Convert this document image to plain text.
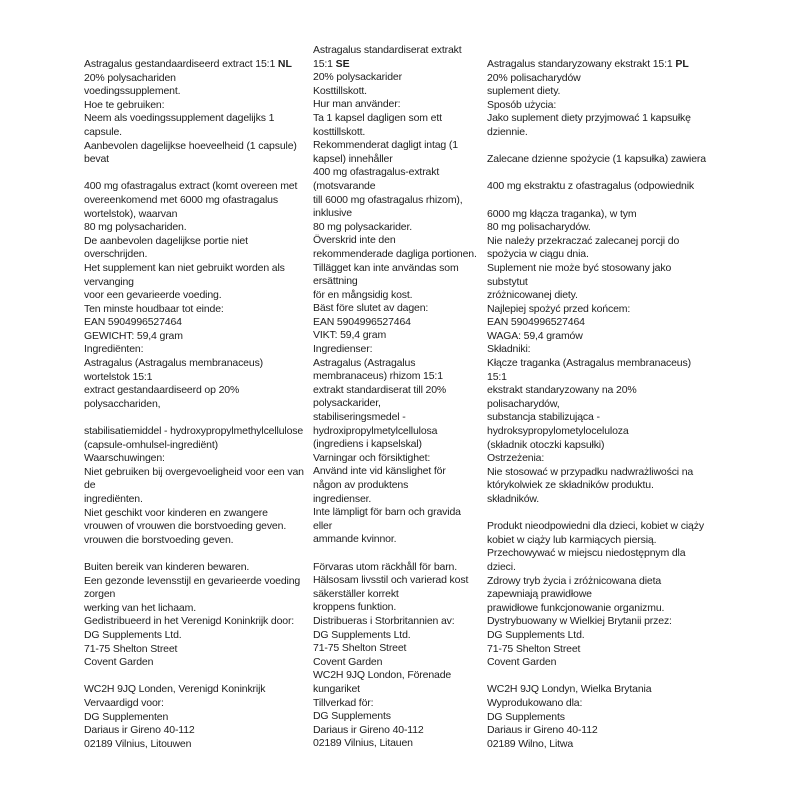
Astragalus gestandaardiseerd extract 15:1 NL
20% polysachariden
voedingssupplement.
Hoe te gebruiken:
Neem als voedingssupplement dagelijks 1
capsule.
Aanbevolen dagelijkse hoeveelheid (1 capsule)
bevat

400 mg ofastragalus extract (komt overeen met
overeenkomend met 6000 mg ofastragalus
wortelstok), waarvan
80 mg polysachariden.
De aanbevolen dagelijkse portie niet
overschrijden.
Het supplement kan niet gebruikt worden als
vervanging
voor een gevarieerde voeding.
Ten minste houdbaar tot einde:
EAN 5904996527464
GEWICHT: 59,4 gram
Ingrediënten:
Astragalus (Astragalus membranaceus)
wortelstok 15:1
extract gestandaardiseerd op 20%
polysacchariden,

stabilisatiemiddel - hydroxypropylmethylcellulose
(capsule-omhulsel-ingrediënt)
Waarschuwingen:
Niet gebruiken bij overgevoeligheid voor een van
de
ingrediënten.
Niet geschikt voor kinderen en zwangere
vrouwen of vrouwen die borstvoeding geven.
vrouwen die borstvoeding geven.

Buiten bereik van kinderen bewaren.
Een gezonde levensstijl en gevarieerde voeding
zorgen
werking van het lichaam.
Gedistribueerd in het Verenigd Koninkrijk door:
DG Supplements Ltd.
71-75 Shelton Street
Covent Garden

WC2H 9JQ Londen, Verenigd Koninkrijk
Vervaardigd voor:
DG Supplementen
Dariaus ir Gireno 40-112
02189 Vilnius, Litouwen
Astragalus standardiserat extrakt
15:1 SE
20% polysackarider
Kosttillskott.
Hur man använder:
Ta 1 kapsel dagligen som ett
kosttillskott.
Rekommenderat dagligt intag (1
kapsel) innehåller
400 mg ofastragalus-extrakt
(motsvarande
till 6000 mg ofastragalus rhizom),
inklusive
80 mg polysackarider.
Överskrid inte den
rekommenderade dagliga portionen.
Tillägget kan inte användas som
ersättning
för en mångsidig kost.
Bäst före slutet av dagen:
EAN 5904996527464
VIKT: 59,4 gram
Ingredienser:
Astragalus (Astragalus
membranaceus) rhizom 15:1
extrakt standardiserat till 20%
polysackarider,
stabiliseringsmedel -
hydroxipropylmetylcellulosa
(ingrediens i kapselskal)
Varningar och försiktighet:
Använd inte vid känslighet för
någon av produktens
ingredienser.
Inte lämpligt för barn och gravida
eller
ammande kvinnor.

Förvaras utom räckhåll för barn.
Hälsosam livsstil och varierad kost
säkerställer korrekt
kroppens funktion.
Distribueras i Storbritannien av:
DG Supplements Ltd.
71-75 Shelton Street
Covent Garden
WC2H 9JQ London, Förenade
kungariket
Tillverkad för:
DG Supplements
Dariaus ir Gireno 40-112
02189 Vilnius, Litauen
Astragalus standaryzowany ekstrakt 15:1 PL
20% polisacharydów
suplement diety.
Sposób użycia:
Jako suplement diety przyjmować 1 kapsułkę
dziennie.

Zalecane dzienne spożycie (1 kapsułka) zawiera

400 mg ekstraktu z ofastragalus (odpowiednik

6000 mg kłącza traganka), w tym
80 mg polisacharydów.
Nie należy przekraczać zalecanej porcji do
spożycia w ciągu dnia.
Suplement nie może być stosowany jako
substytut
zróżnicowanej diety.
Najlepiej spożyć przed końcem:
EAN 5904996527464
WAGA: 59,4 gramów
Składniki:
Kłącze traganka (Astragalus membranaceus)
15:1
ekstrakt standaryzowany na 20%
polisacharydów,
substancja stabilizująca -
hydroksypropylometyloceluloza
(składnik otoczki kapsułki)
Ostrzeżenia:
Nie stosować w przypadku nadwrażliwości na
którykolwiek ze składników produktu.
składników.

Produkt nieodpowiedni dla dzieci, kobiet w ciąży
kobiet w ciąży lub karmiących piersią.
Przechowywać w miejscu niedostępnym dla
dzieci.
Zdrowy tryb życia i zróżnicowana dieta
zapewniają prawidłowe
prawidłowe funkcjonowanie organizmu.
Dystrybuowany w Wielkiej Brytanii przez:
DG Supplements Ltd.
71-75 Shelton Street
Covent Garden

WC2H 9JQ Londyn, Wielka Brytania
Wyprodukowano dla:
DG Supplements
Dariaus ir Gireno 40-112
02189 Wilno, Litwa
